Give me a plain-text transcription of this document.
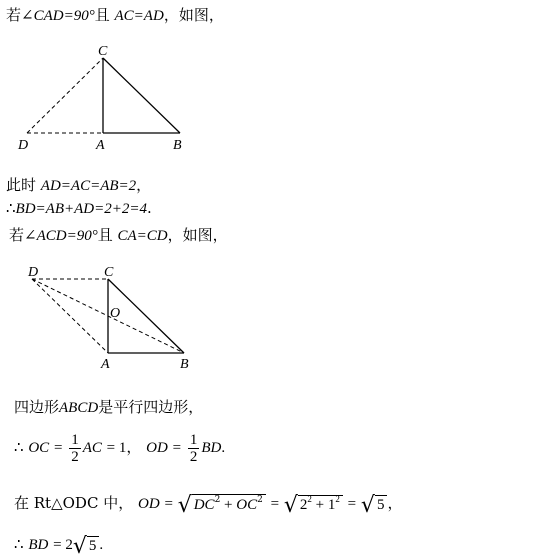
若∠CAD=90°且 AC=AD，如图，
C
D	A	B
D	C
O
A	B
此时 AD=AC=AB=2，
∴BD=AB+AD=2+2=4.
若∠ACD=90°且 CA=CD，如图，
四边形ABCD是平行四边形，
∴ OC = $\frac{1}{2}$ AC = 1， OD = $\frac{1}{2}$ BD.
在 Rt△ODC 中， OD = √ $DC^2 + OC^2$ = √ $2^2 + 1^2$ = √ 5 ，
∴ BD = 2√ 5 .
